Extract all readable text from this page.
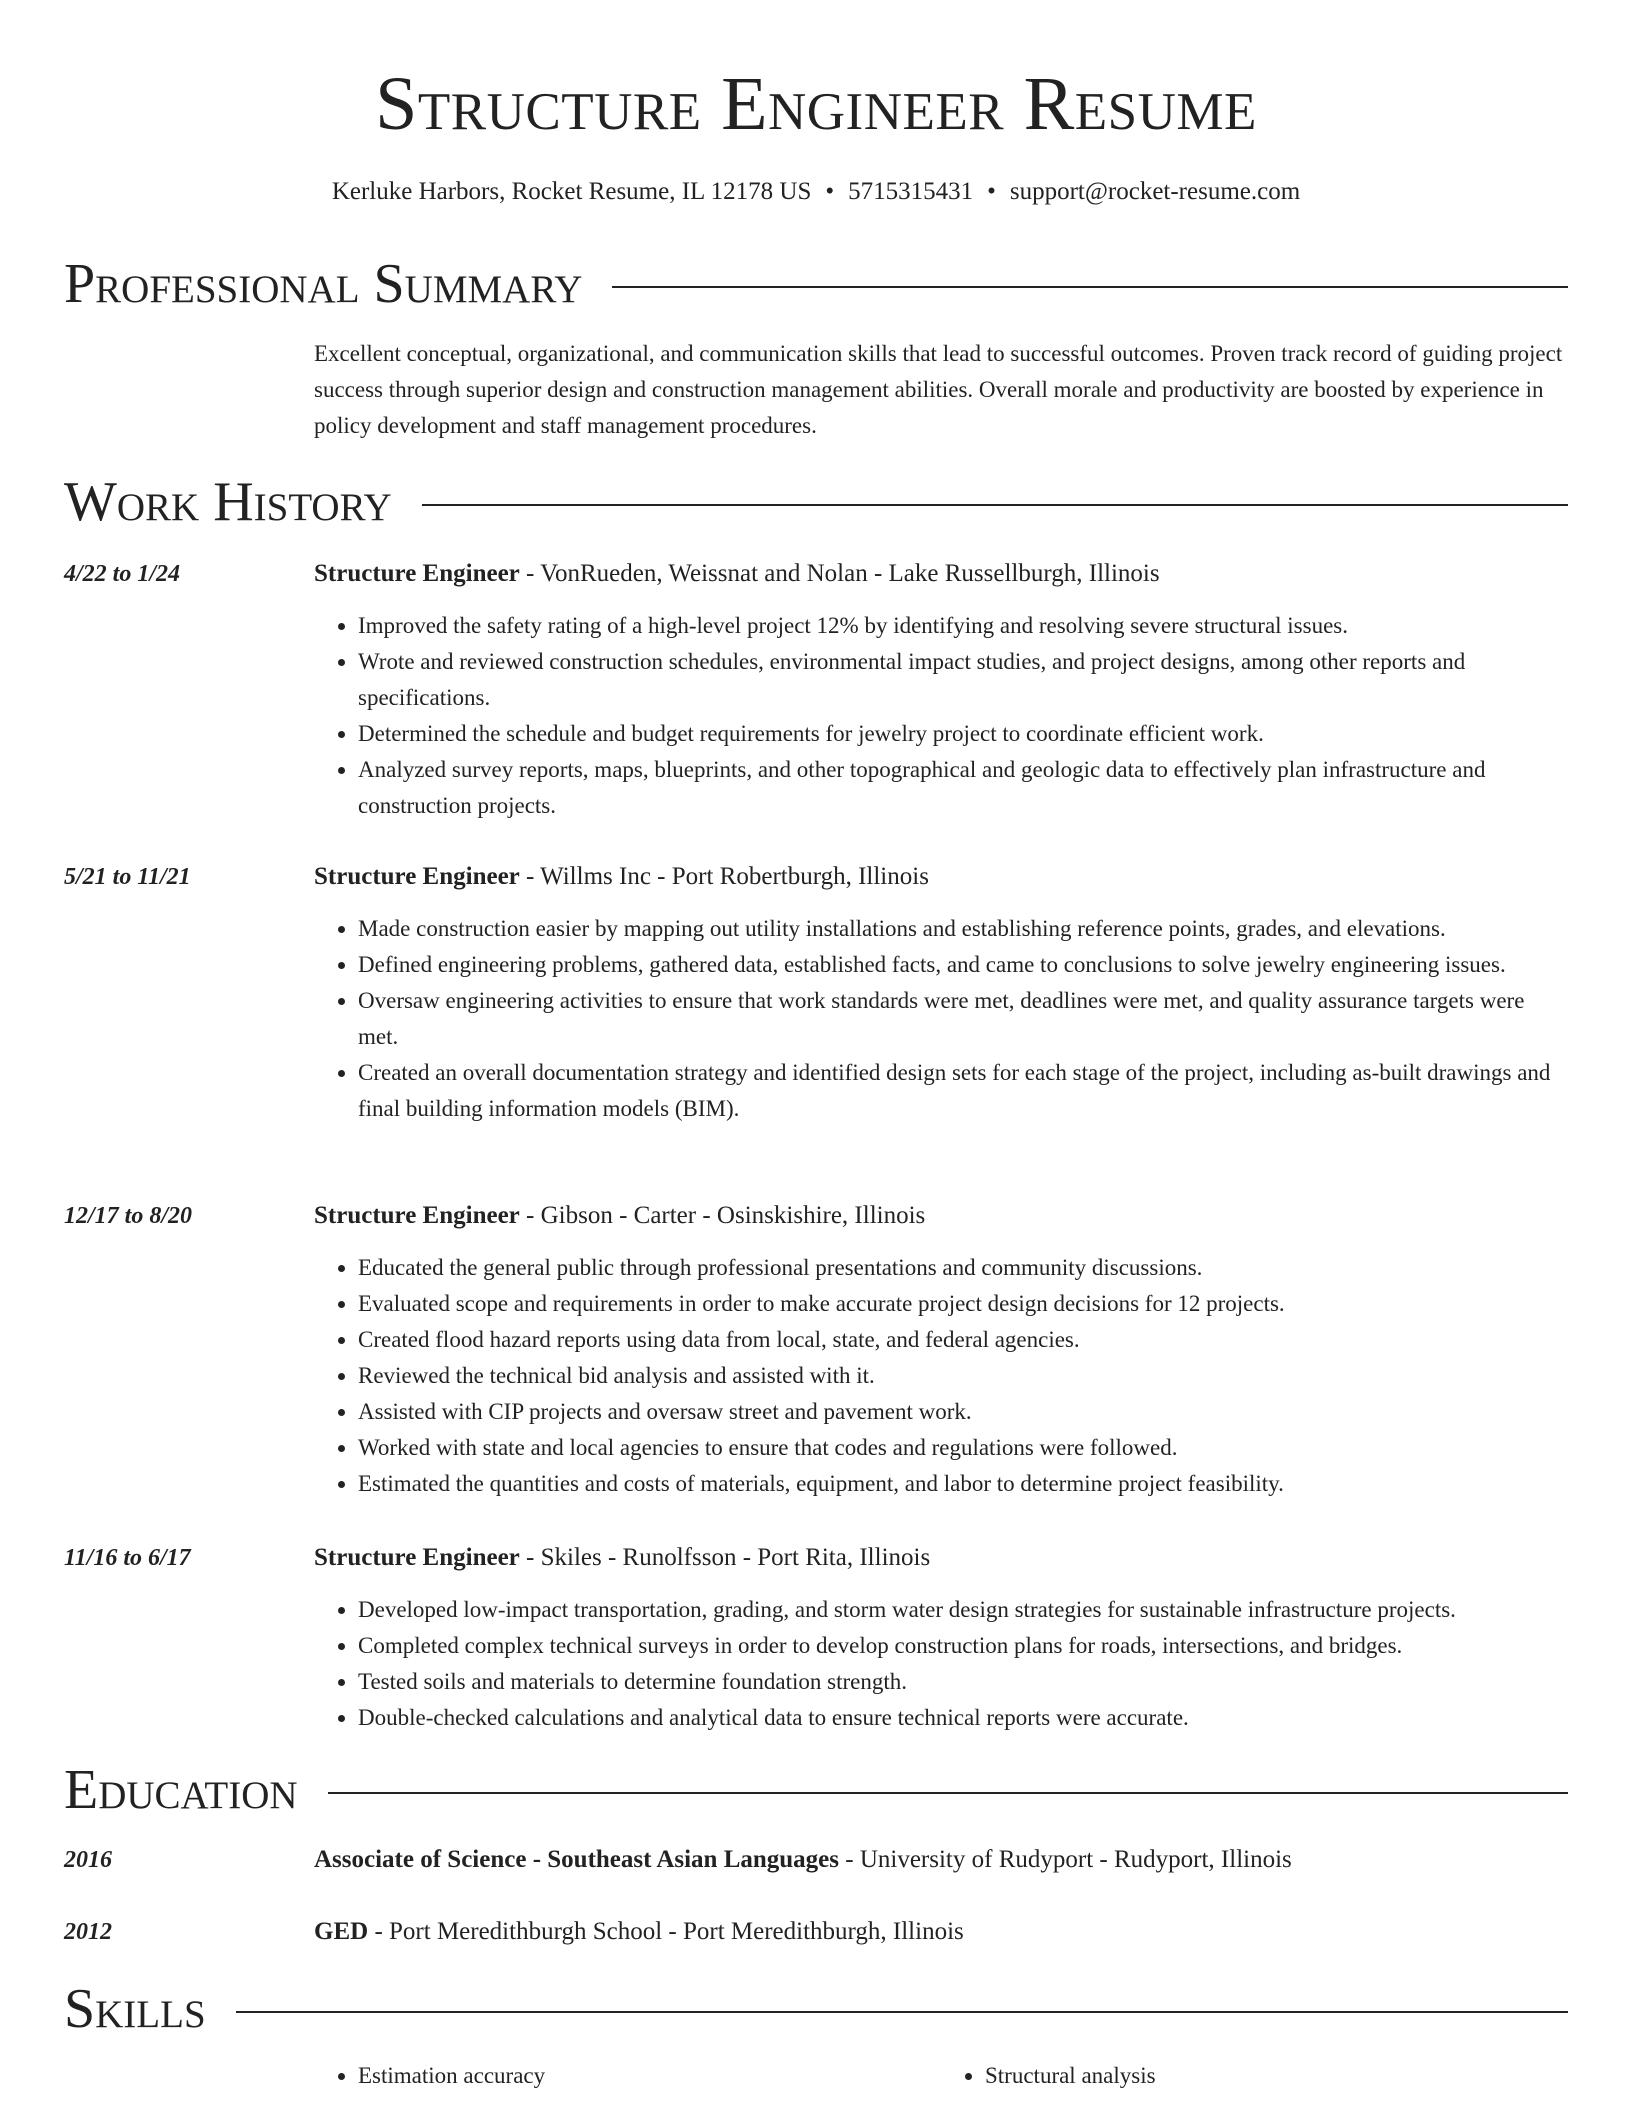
Structure Engineer Resume
Kerluke Harbors, Rocket Resume, IL 12178 US • 5715315431 • support@rocket-resume.com
Professional Summary

Excellent conceptual, organizational, and communication skills that lead to successful outcomes. Proven track record of guiding project success through superior design and construction management abilities. Overall morale and productivity are boosted by experience in policy development and staff management procedures.

Work History
4/22 to 1/24	Structure Engineer - VonRueden, Weissnat and Nolan - Lake Russellburgh, Illinois
• Improved the safety rating of a high-level project 12% by identifying and resolving severe structural issues.
• Wrote and reviewed construction schedules, environmental impact studies, and project designs, among other reports and specifications.
• Determined the schedule and budget requirements for jewelry project to coordinate efficient work.
• Analyzed survey reports, maps, blueprints, and other topographical and geologic data to effectively plan infrastructure and construction projects.
5/21 to 11/21	Structure Engineer - Willms Inc - Port Robertburgh, Illinois
• Made construction easier by mapping out utility installations and establishing reference points, grades, and elevations.
• Defined engineering problems, gathered data, established facts, and came to conclusions to solve jewelry engineering issues.
• Oversaw engineering activities to ensure that work standards were met, deadlines were met, and quality assurance targets were met.
• Created an overall documentation strategy and identified design sets for each stage of the project, including as-built drawings and final building information models (BIM).
12/17 to 8/20	Structure Engineer - Gibson - Carter - Osinskishire, Illinois
• Educated the general public through professional presentations and community discussions.
• Evaluated scope and requirements in order to make accurate project design decisions for 12 projects.
• Created flood hazard reports using data from local, state, and federal agencies.
• Reviewed the technical bid analysis and assisted with it.
• Assisted with CIP projects and oversaw street and pavement work.
• Worked with state and local agencies to ensure that codes and regulations were followed.
• Estimated the quantities and costs of materials, equipment, and labor to determine project feasibility.
11/16 to 6/17	Structure Engineer - Skiles - Runolfsson - Port Rita, Illinois
• Developed low-impact transportation, grading, and storm water design strategies for sustainable infrastructure projects.
• Completed complex technical surveys in order to develop construction plans for roads, intersections, and bridges.
• Tested soils and materials to determine foundation strength.
• Double-checked calculations and analytical data to ensure technical reports were accurate.
Education
2016	Associate of Science - Southeast Asian Languages - University of Rudyport - Rudyport, Illinois
2012	GED - Port Meredithburgh School - Port Meredithburgh, Illinois
Skills
• Estimation accuracy
•	Structural analysis
